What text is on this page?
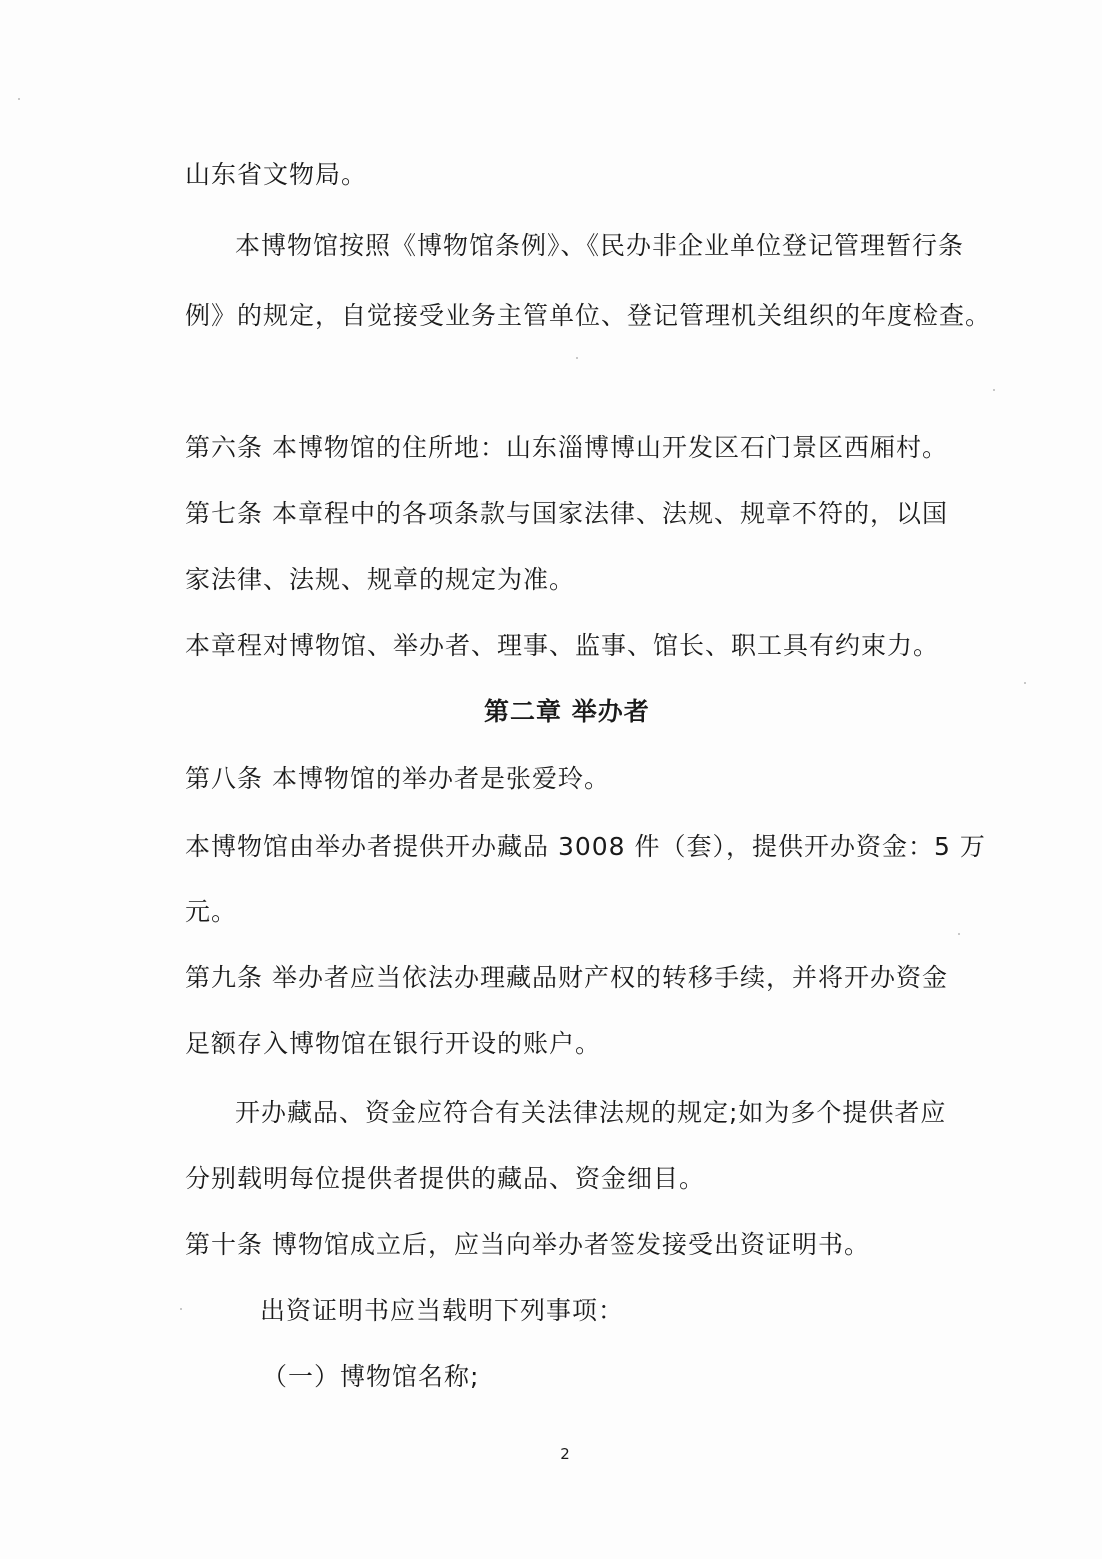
山东省文物局。
本博物馆按照《博物馆条例》、《民办非企业单位登记管理暂行条
例》的规定，自觉接受业务主管单位、登记管理机关组织的年度检查。
第六条 本博物馆的住所地：山东淄博博山开发区石门景区西厢村。
第七条 本章程中的各项条款与国家法律、法规、规章不符的，以国
家法律、法规、规章的规定为准。
本章程对博物馆、举办者、理事、监事、馆长、职工具有约束力。
第二章 举办者
第八条 本博物馆的举办者是张爱玲。
本博物馆由举办者提供开办藏品 3008 件（套），提供开办资金：5 万
元。
第九条 举办者应当依法办理藏品财产权的转移手续，并将开办资金
足额存入博物馆在银行开设的账户。
开办藏品、资金应符合有关法律法规的规定;如为多个提供者应
分别载明每位提供者提供的藏品、资金细目。
第十条 博物馆成立后，应当向举办者签发接受出资证明书。
出资证明书应当载明下列事项：
（一）博物馆名称;
2
